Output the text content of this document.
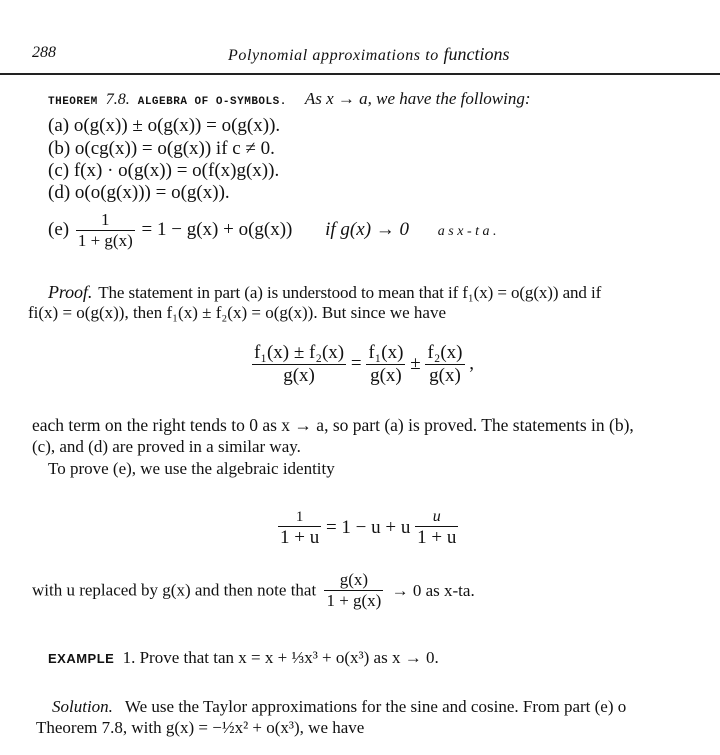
288	Polynomial approximations to functions
THEOREM 7.8. ALGEBRA OF O-SYMBOLS. As x → a, we have the following:
(a) o(g(x)) ± o(g(x)) = o(g(x)).
(b) o(cg(x)) = o(g(x)) if c ≠ 0.
(c) f(x) · o(g(x)) = o(f(x)g(x)).
(d) o(o(g(x))) = o(g(x)).
$(e) \frac{1}{1 + g(x)} = 1 - g(x) + o(g(x))$ if g(x) → 0 a s x - t a .
Proof. The statement in part (a) is understood to mean that if f₁(x) = o(g(x)) and if
fi(x) = o(g(x)), then f₁(x) ± f₂(x) = o(g(x)). But since we have
$\frac{\text{f₁(x) ± f₂(x)}}{g(x)} = \frac{\text{f₁(x)}}{g(x)} \pm \frac{\text{f₂(x)}}{g(x)}$ ,
each term on the right tends to 0 as x → a, so part (a) is proved. The statements in (b),
(c), and (d) are proved in a similar way.
To prove (e), we use the algebraic identity
$\frac{1}{1 + u} = 1 - u + u \frac{u}{1 + u}$
with u replaced by g(x) and then note that $\frac{g(x)}{1 + g(x)} \to 0$ as x-ta.
EXAMPLE 1. Prove that tan x = x + ⅓x³ + o(x³) as x → 0.
Solution. We use the Taylor approximations for the sine and cosine. From part (e) o
Theorem 7.8, with g(x) = −½x² + o(x³), we have
